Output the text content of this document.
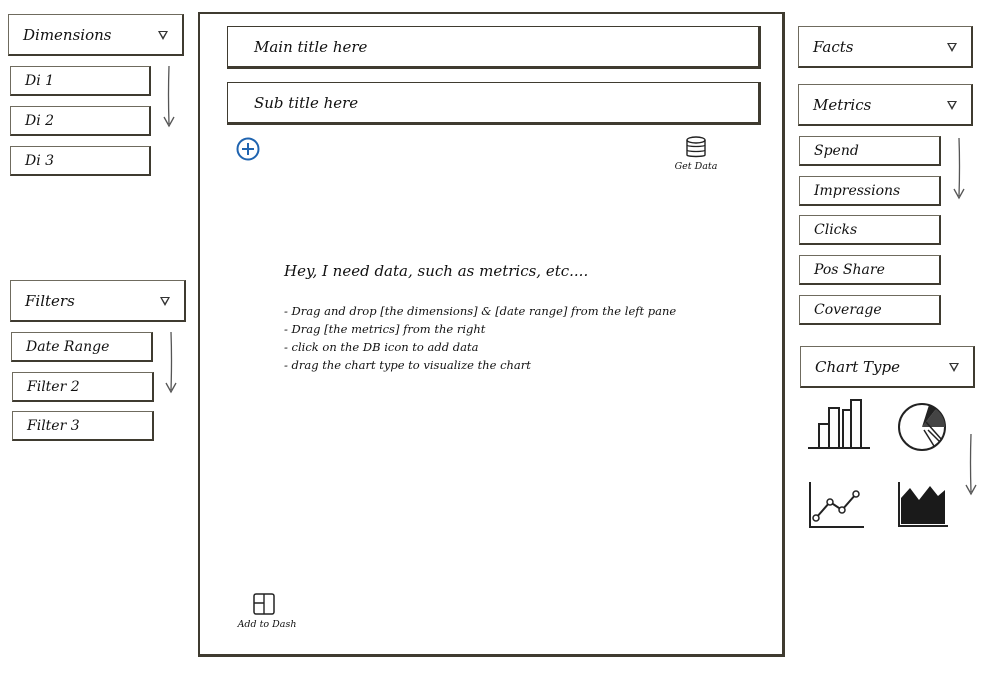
Dimensions
Di 1
Di 2
Di 3
Filters
Date Range
Filter 2
Filter 3
Main title here
Sub title here
Get Data
Hey, I need data, such as metrics, etc....
- Drag and drop [the dimensions] & [date range] from the left pane
- Drag [the metrics] from the right
- click on the DB icon to add data
- drag the chart type to visualize the chart
Add to Dash
Facts
Metrics
Spend
Impressions
Clicks
Pos Share
Coverage
Chart Type
